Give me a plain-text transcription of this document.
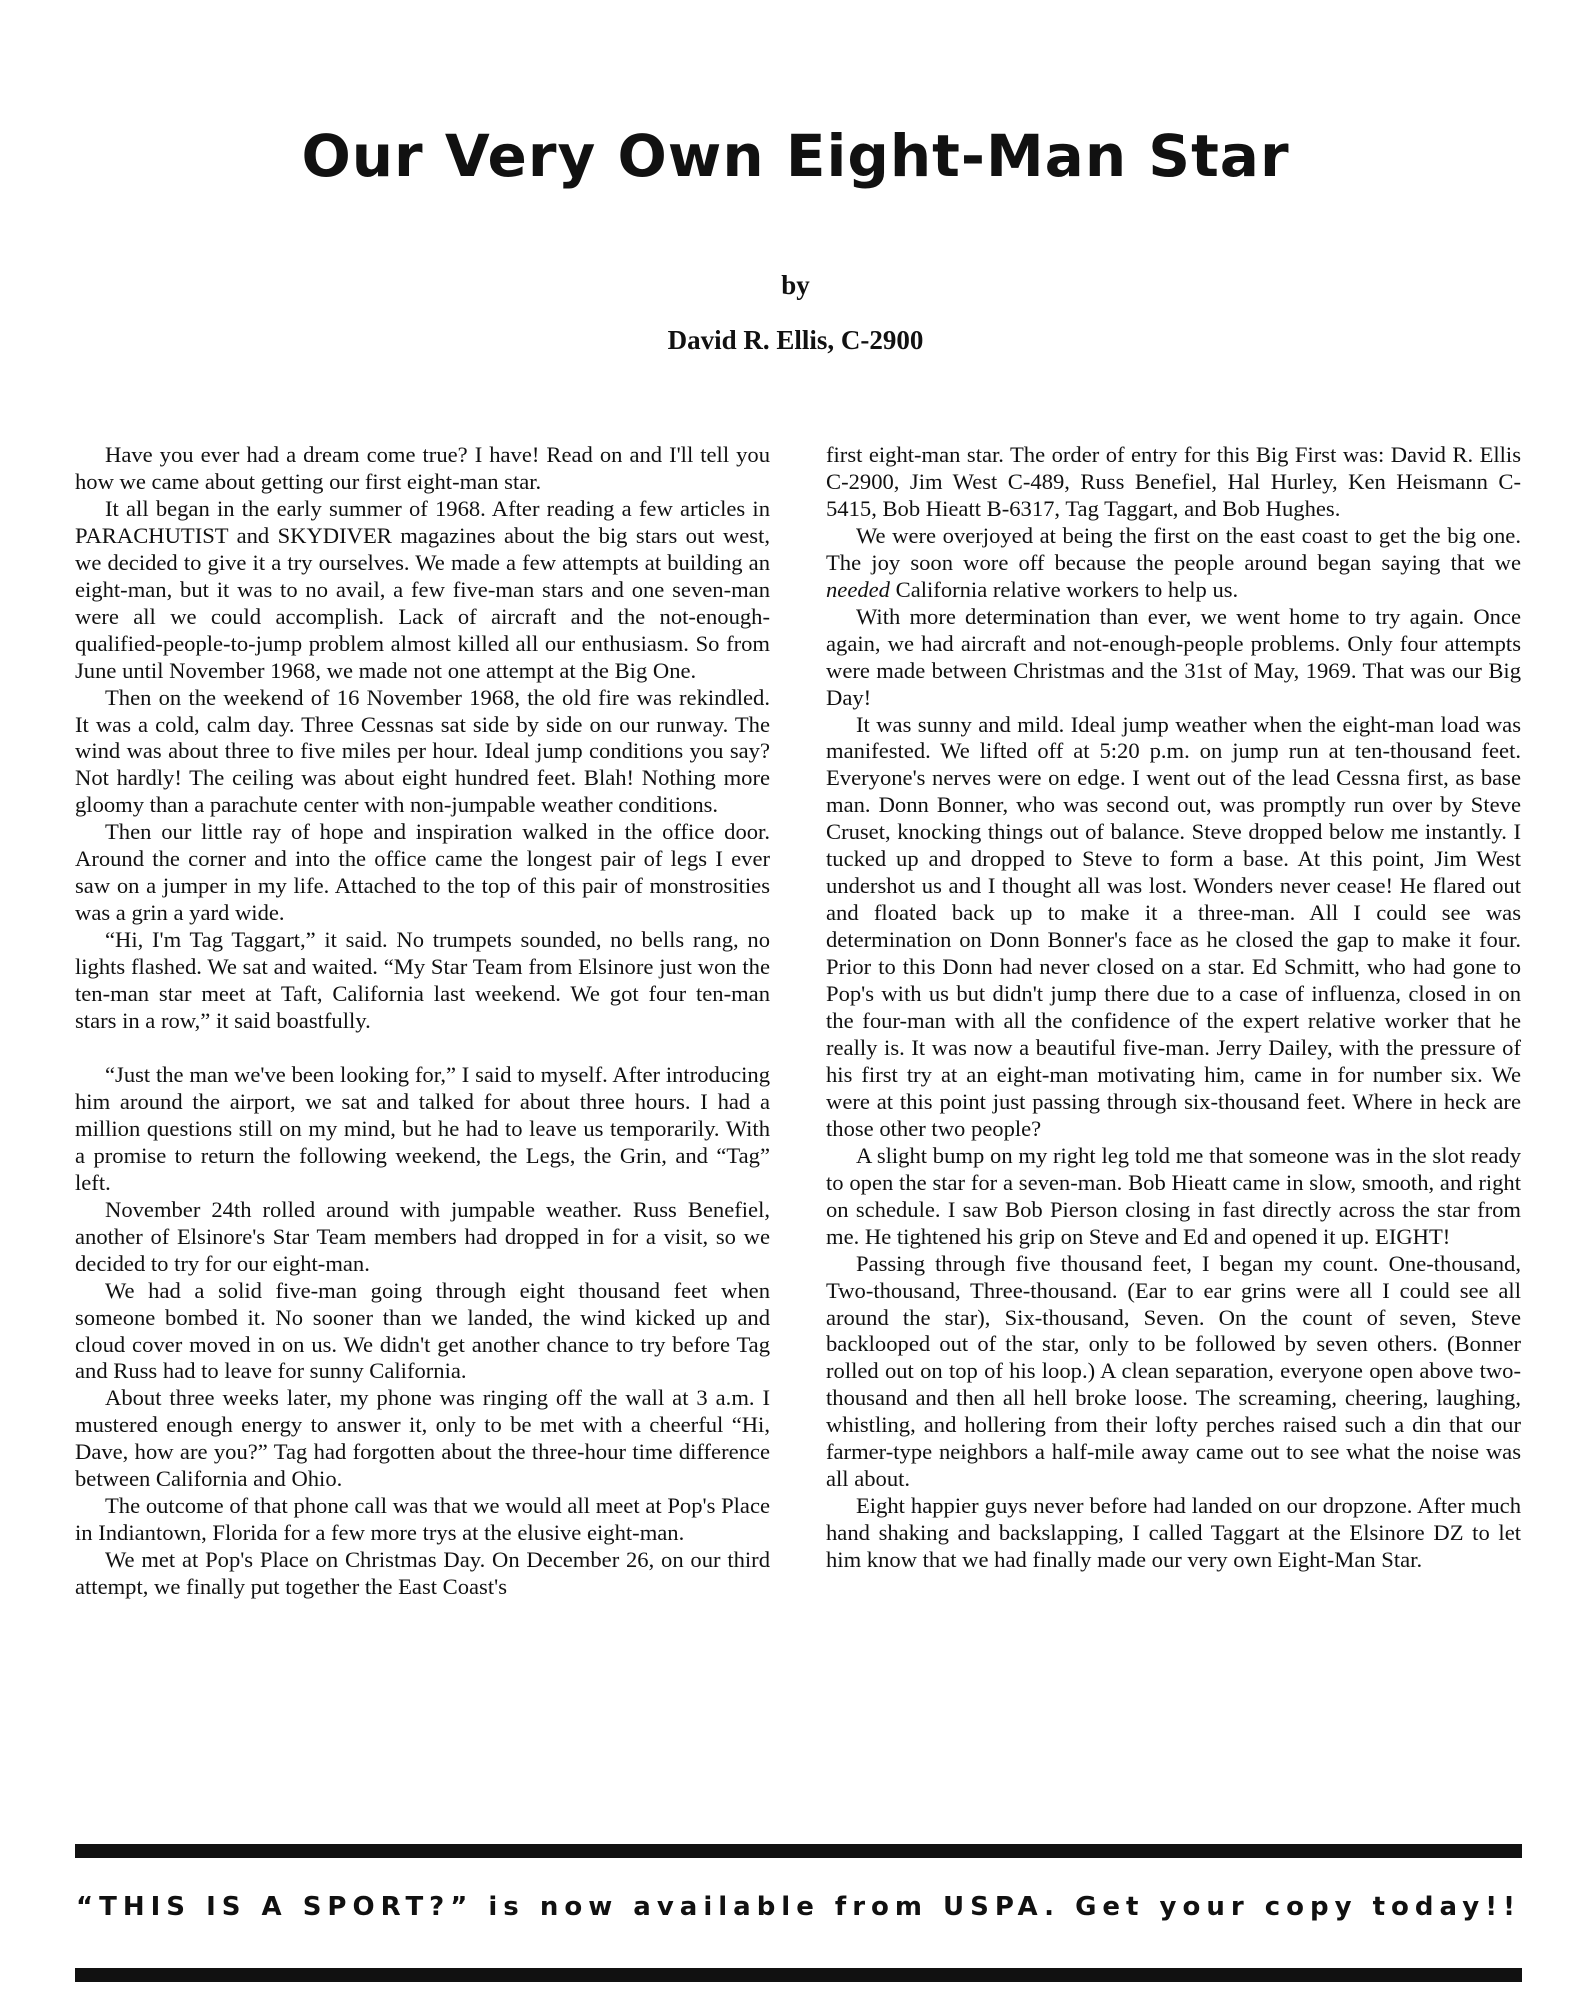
Our Very Own Eight-Man Star
by
David R. Ellis, C-2900

Have you ever had a dream come true? I have! Read on and I'll tell you how we came about getting our first eight-man star.

It all began in the early summer of 1968. After reading a few articles in PARACHUTIST and SKYDIVER magazines about the big stars out west, we decided to give it a try ourselves. We made a few attempts at building an eight-man, but it was to no avail, a few five-man stars and one seven-man were all we could accomplish. Lack of aircraft and the not-enough-qualified-people-to-jump problem almost killed all our enthusiasm. So from June until November 1968, we made not one attempt at the Big One.

Then on the weekend of 16 November 1968, the old fire was rekindled. It was a cold, calm day. Three Cessnas sat side by side on our runway. The wind was about three to five miles per hour. Ideal jump conditions you say? Not hardly! The ceiling was about eight hundred feet. Blah! Nothing more gloomy than a parachute center with non-jumpable weather conditions.

Then our little ray of hope and inspiration walked in the office door. Around the corner and into the office came the longest pair of legs I ever saw on a jumper in my life. Attached to the top of this pair of monstrosities was a grin a yard wide.

“Hi, I'm Tag Taggart,” it said. No trumpets sounded, no bells rang, no lights flashed. We sat and waited. “My Star Team from Elsinore just won the ten-man star meet at Taft, California last weekend. We got four ten-man stars in a row,” it said boastfully.

“Just the man we've been looking for,” I said to myself. After introducing him around the airport, we sat and talked for about three hours. I had a million questions still on my mind, but he had to leave us temporarily. With a promise to return the following weekend, the Legs, the Grin, and “Tag” left.

November 24th rolled around with jumpable weather. Russ Benefiel, another of Elsinore's Star Team members had dropped in for a visit, so we decided to try for our eight-man.

We had a solid five-man going through eight thousand feet when someone bombed it. No sooner than we landed, the wind kicked up and cloud cover moved in on us. We didn't get another chance to try before Tag and Russ had to leave for sunny California.

About three weeks later, my phone was ringing off the wall at 3 a.m. I mustered enough energy to answer it, only to be met with a cheerful “Hi, Dave, how are you?” Tag had forgotten about the three-hour time difference between California and Ohio.

The outcome of that phone call was that we would all meet at Pop's Place in Indiantown, Florida for a few more trys at the elusive eight-man.

We met at Pop's Place on Christmas Day. On December 26, on our third attempt, we finally put together the East Coast's

first eight-man star. The order of entry for this Big First was: David R. Ellis C-2900, Jim West C-489, Russ Benefiel, Hal Hurley, Ken Heismann C-5415, Bob Hieatt B-6317, Tag Taggart, and Bob Hughes.

We were overjoyed at being the first on the east coast to get the big one. The joy soon wore off because the people around began saying that we needed California relative workers to help us.

With more determination than ever, we went home to try again. Once again, we had aircraft and not-enough-people problems. Only four attempts were made between Christmas and the 31st of May, 1969. That was our Big Day!

It was sunny and mild. Ideal jump weather when the eight-man load was manifested. We lifted off at 5:20 p.m. on jump run at ten-thousand feet. Everyone's nerves were on edge. I went out of the lead Cessna first, as base man. Donn Bonner, who was second out, was promptly run over by Steve Cruset, knocking things out of balance. Steve dropped below me instantly. I tucked up and dropped to Steve to form a base. At this point, Jim West undershot us and I thought all was lost. Wonders never cease! He flared out and floated back up to make it a three-man. All I could see was determination on Donn Bonner's face as he closed the gap to make it four. Prior to this Donn had never closed on a star. Ed Schmitt, who had gone to Pop's with us but didn't jump there due to a case of influenza, closed in on the four-man with all the confidence of the expert relative worker that he really is. It was now a beautiful five-man. Jerry Dailey, with the pressure of his first try at an eight-man motivating him, came in for number six. We were at this point just passing through six-thousand feet. Where in heck are those other two people?

A slight bump on my right leg told me that someone was in the slot ready to open the star for a seven-man. Bob Hieatt came in slow, smooth, and right on schedule. I saw Bob Pierson closing in fast directly across the star from me. He tightened his grip on Steve and Ed and opened it up. EIGHT!

Passing through five thousand feet, I began my count. One-thousand, Two-thousand, Three-thousand. (Ear to ear grins were all I could see all around the star), Six-thousand, Seven. On the count of seven, Steve backlooped out of the star, only to be followed by seven others. (Bonner rolled out on top of his loop.) A clean separation, everyone open above two-thousand and then all hell broke loose. The screaming, cheering, laughing, whistling, and hollering from their lofty perches raised such a din that our farmer-type neighbors a half-mile away came out to see what the noise was all about.

Eight happier guys never before had landed on our dropzone. After much hand shaking and backslapping, I called Taggart at the Elsinore DZ to let him know that we had finally made our very own Eight-Man Star.

“THIS IS A SPORT?” is now available from USPA. Get your copy today!!
